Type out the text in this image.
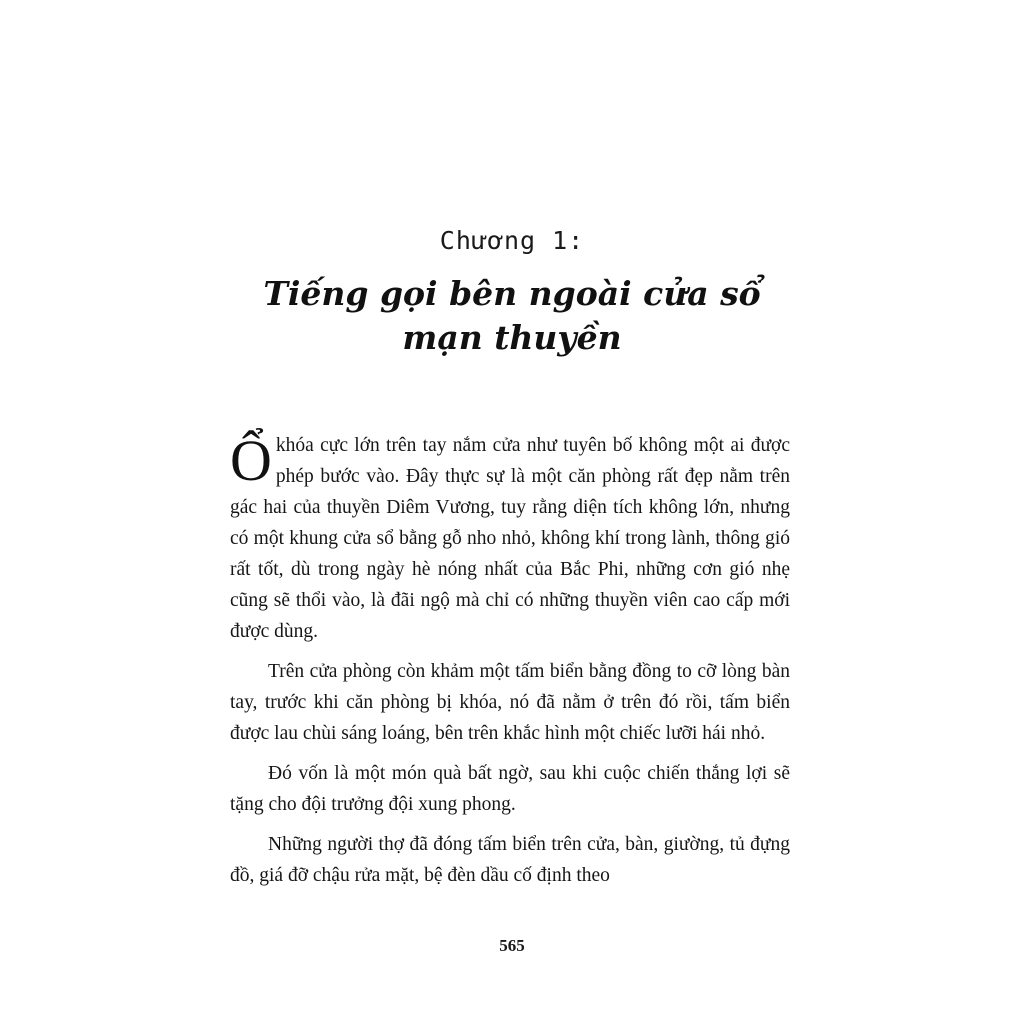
Chương 1:
Tiếng gọi bên ngoài cửa sổ
mạn thuyền

Ổ khóa cực lớn trên tay nắm cửa như tuyên bố không một ai được phép bước vào. Đây thực sự là một căn phòng rất đẹp nằm trên gác hai của thuyền Diêm Vương, tuy rằng diện tích không lớn, nhưng có một khung cửa sổ bằng gỗ nho nhỏ, không khí trong lành, thông gió rất tốt, dù trong ngày hè nóng nhất của Bắc Phi, những cơn gió nhẹ cũng sẽ thổi vào, là đãi ngộ mà chỉ có những thuyền viên cao cấp mới được dùng.

Trên cửa phòng còn khảm một tấm biển bằng đồng to cỡ lòng bàn tay, trước khi căn phòng bị khóa, nó đã nằm ở trên đó rồi, tấm biển được lau chùi sáng loáng, bên trên khắc hình một chiếc lưỡi hái nhỏ.

Đó vốn là một món quà bất ngờ, sau khi cuộc chiến thắng lợi sẽ tặng cho đội trưởng đội xung phong.

Những người thợ đã đóng tấm biển trên cửa, bàn, giường, tủ đựng đồ, giá đỡ chậu rửa mặt, bệ đèn dầu cố định theo

565
